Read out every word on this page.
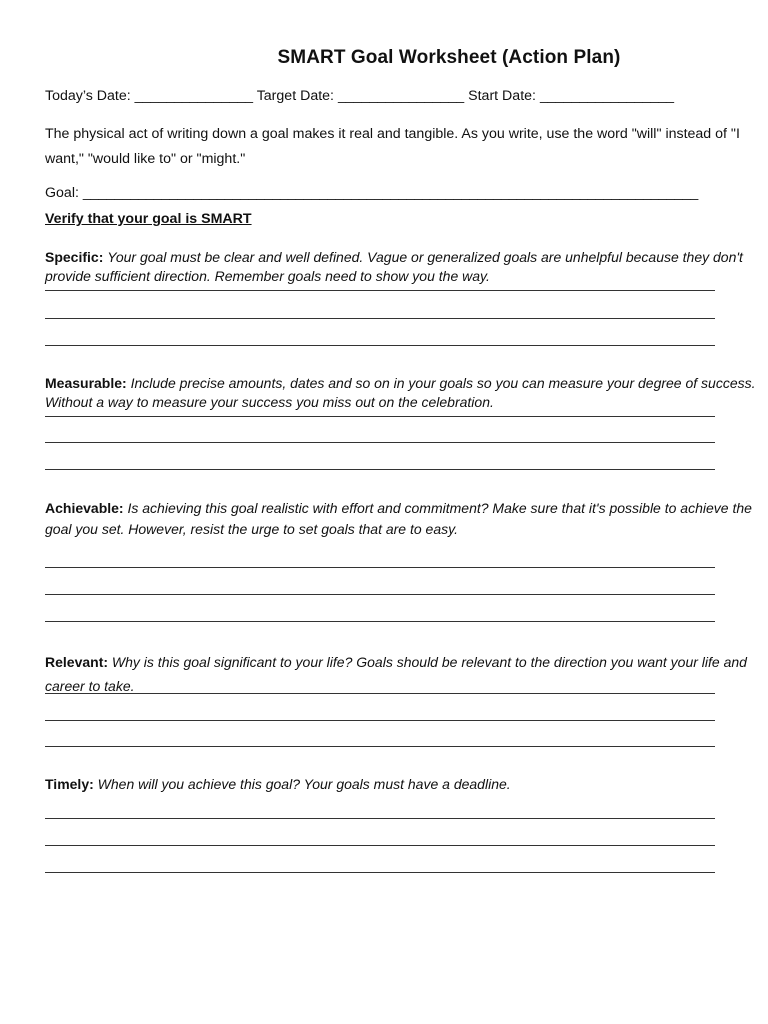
SMART Goal Worksheet (Action Plan)
Today’s Date: _______________ Target Date: ________________ Start Date: _________________
The physical act of writing down a goal makes it real and tangible. As you write, use the word "will" instead of "I want," "would like to" or "might."
Goal: ______________________________________________________________________________
Verify that your goal is SMART
Specific: Your goal must be clear and well defined. Vague or generalized goals are unhelpful because they don't provide sufficient direction. Remember goals need to show you the way.
Measurable: Include precise amounts, dates and so on in your goals so you can measure your degree of success. Without a way to measure your success you miss out on the celebration.
Achievable: Is achieving this goal realistic with effort and commitment? Make sure that it's possible to achieve the goal you set. However, resist the urge to set goals that are to easy.
Relevant: Why is this goal significant to your life? Goals should be relevant to the direction you want your life and career to take.
Timely: When will you achieve this goal? Your goals must have a deadline.
